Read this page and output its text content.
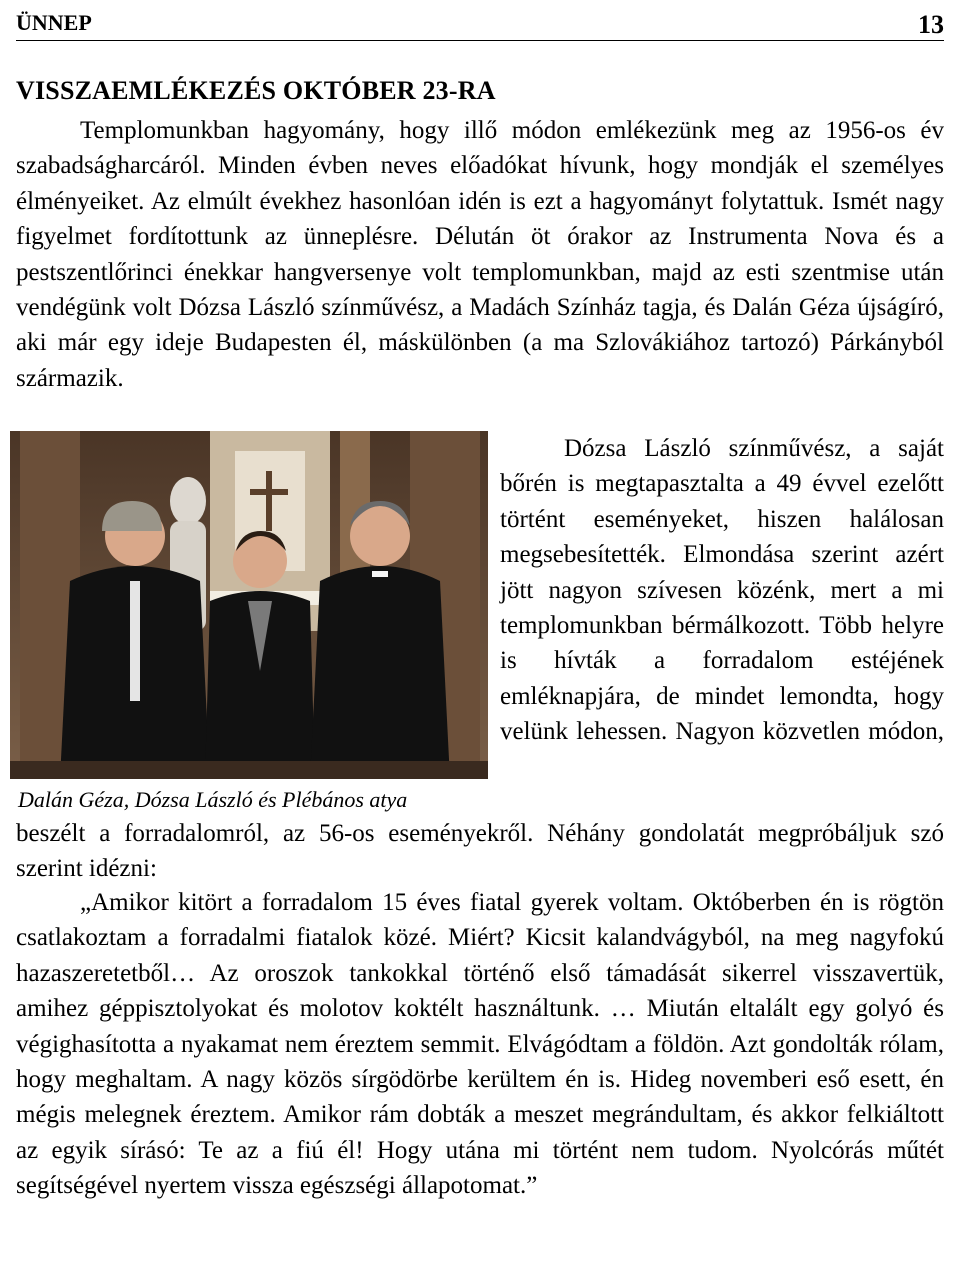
ÜNNEP	13
VISSZAEMLÉKEZÉS OKTÓBER 23-RA

Templomunkban hagyomány, hogy illő módon emlékezünk meg az 1956-os év szabadságharcáról. Minden évben neves előadókat hívunk, hogy mondják el személyes élményeiket. Az elmúlt évekhez hasonlóan idén is ezt a hagyományt folytattuk. Ismét nagy figyelmet fordítottunk az ünneplésre. Délután öt órakor az Instrumenta Nova és a pestszentlőrinci énekkar hangversenye volt templomunkban, majd az esti szentmise után vendégünk volt Dózsa László színművész, a Madách Színház tagja, és Dalán Géza újságíró, aki már egy ideje Budapesten él, máskülönben (a ma Szlovákiához tartozó) Párkányból származik.

Dalán Géza, Dózsa László és Plébános atya

Dózsa László színművész, a saját bőrén is megtapasztalta a 49 évvel ezelőtt történt eseményeket, hiszen halálosan megsebesítették. Elmondása szerint azért jött nagyon szívesen közénk, mert a mi templomunkban bérmálkozott. Több helyre is hívták a forradalom estéjének emléknapjára, de mindet lemondta, hogy velünk lehessen. Nagyon közvetlen módon,

beszélt a forradalomról, az 56-os eseményekről. Néhány gondolatát megpróbáljuk szó szerint idézni:

„Amikor kitört a forradalom 15 éves fiatal gyerek voltam. Októberben én is rögtön csatlakoztam a forradalmi fiatalok közé. Miért? Kicsit kalandvágyból, na meg nagyfokú hazaszeretetből… Az oroszok tankokkal történő első támadását sikerrel visszavertük, amihez géppisztolyokat és molotov koktélt használtunk. … Miután eltalált egy golyó és végighasította a nyakamat nem éreztem semmit. Elvágódtam a földön. Azt gondolták rólam, hogy meghaltam. A nagy közös sírgödörbe kerültem én is. Hideg novemberi eső esett, én mégis melegnek éreztem. Amikor rám dobták a meszet megrándultam, és akkor felkiáltott az egyik sírásó: Te az a fiú él! Hogy utána mi történt nem tudom. Nyolcórás műtét segítségével nyertem vissza egészségi állapotomat.”
